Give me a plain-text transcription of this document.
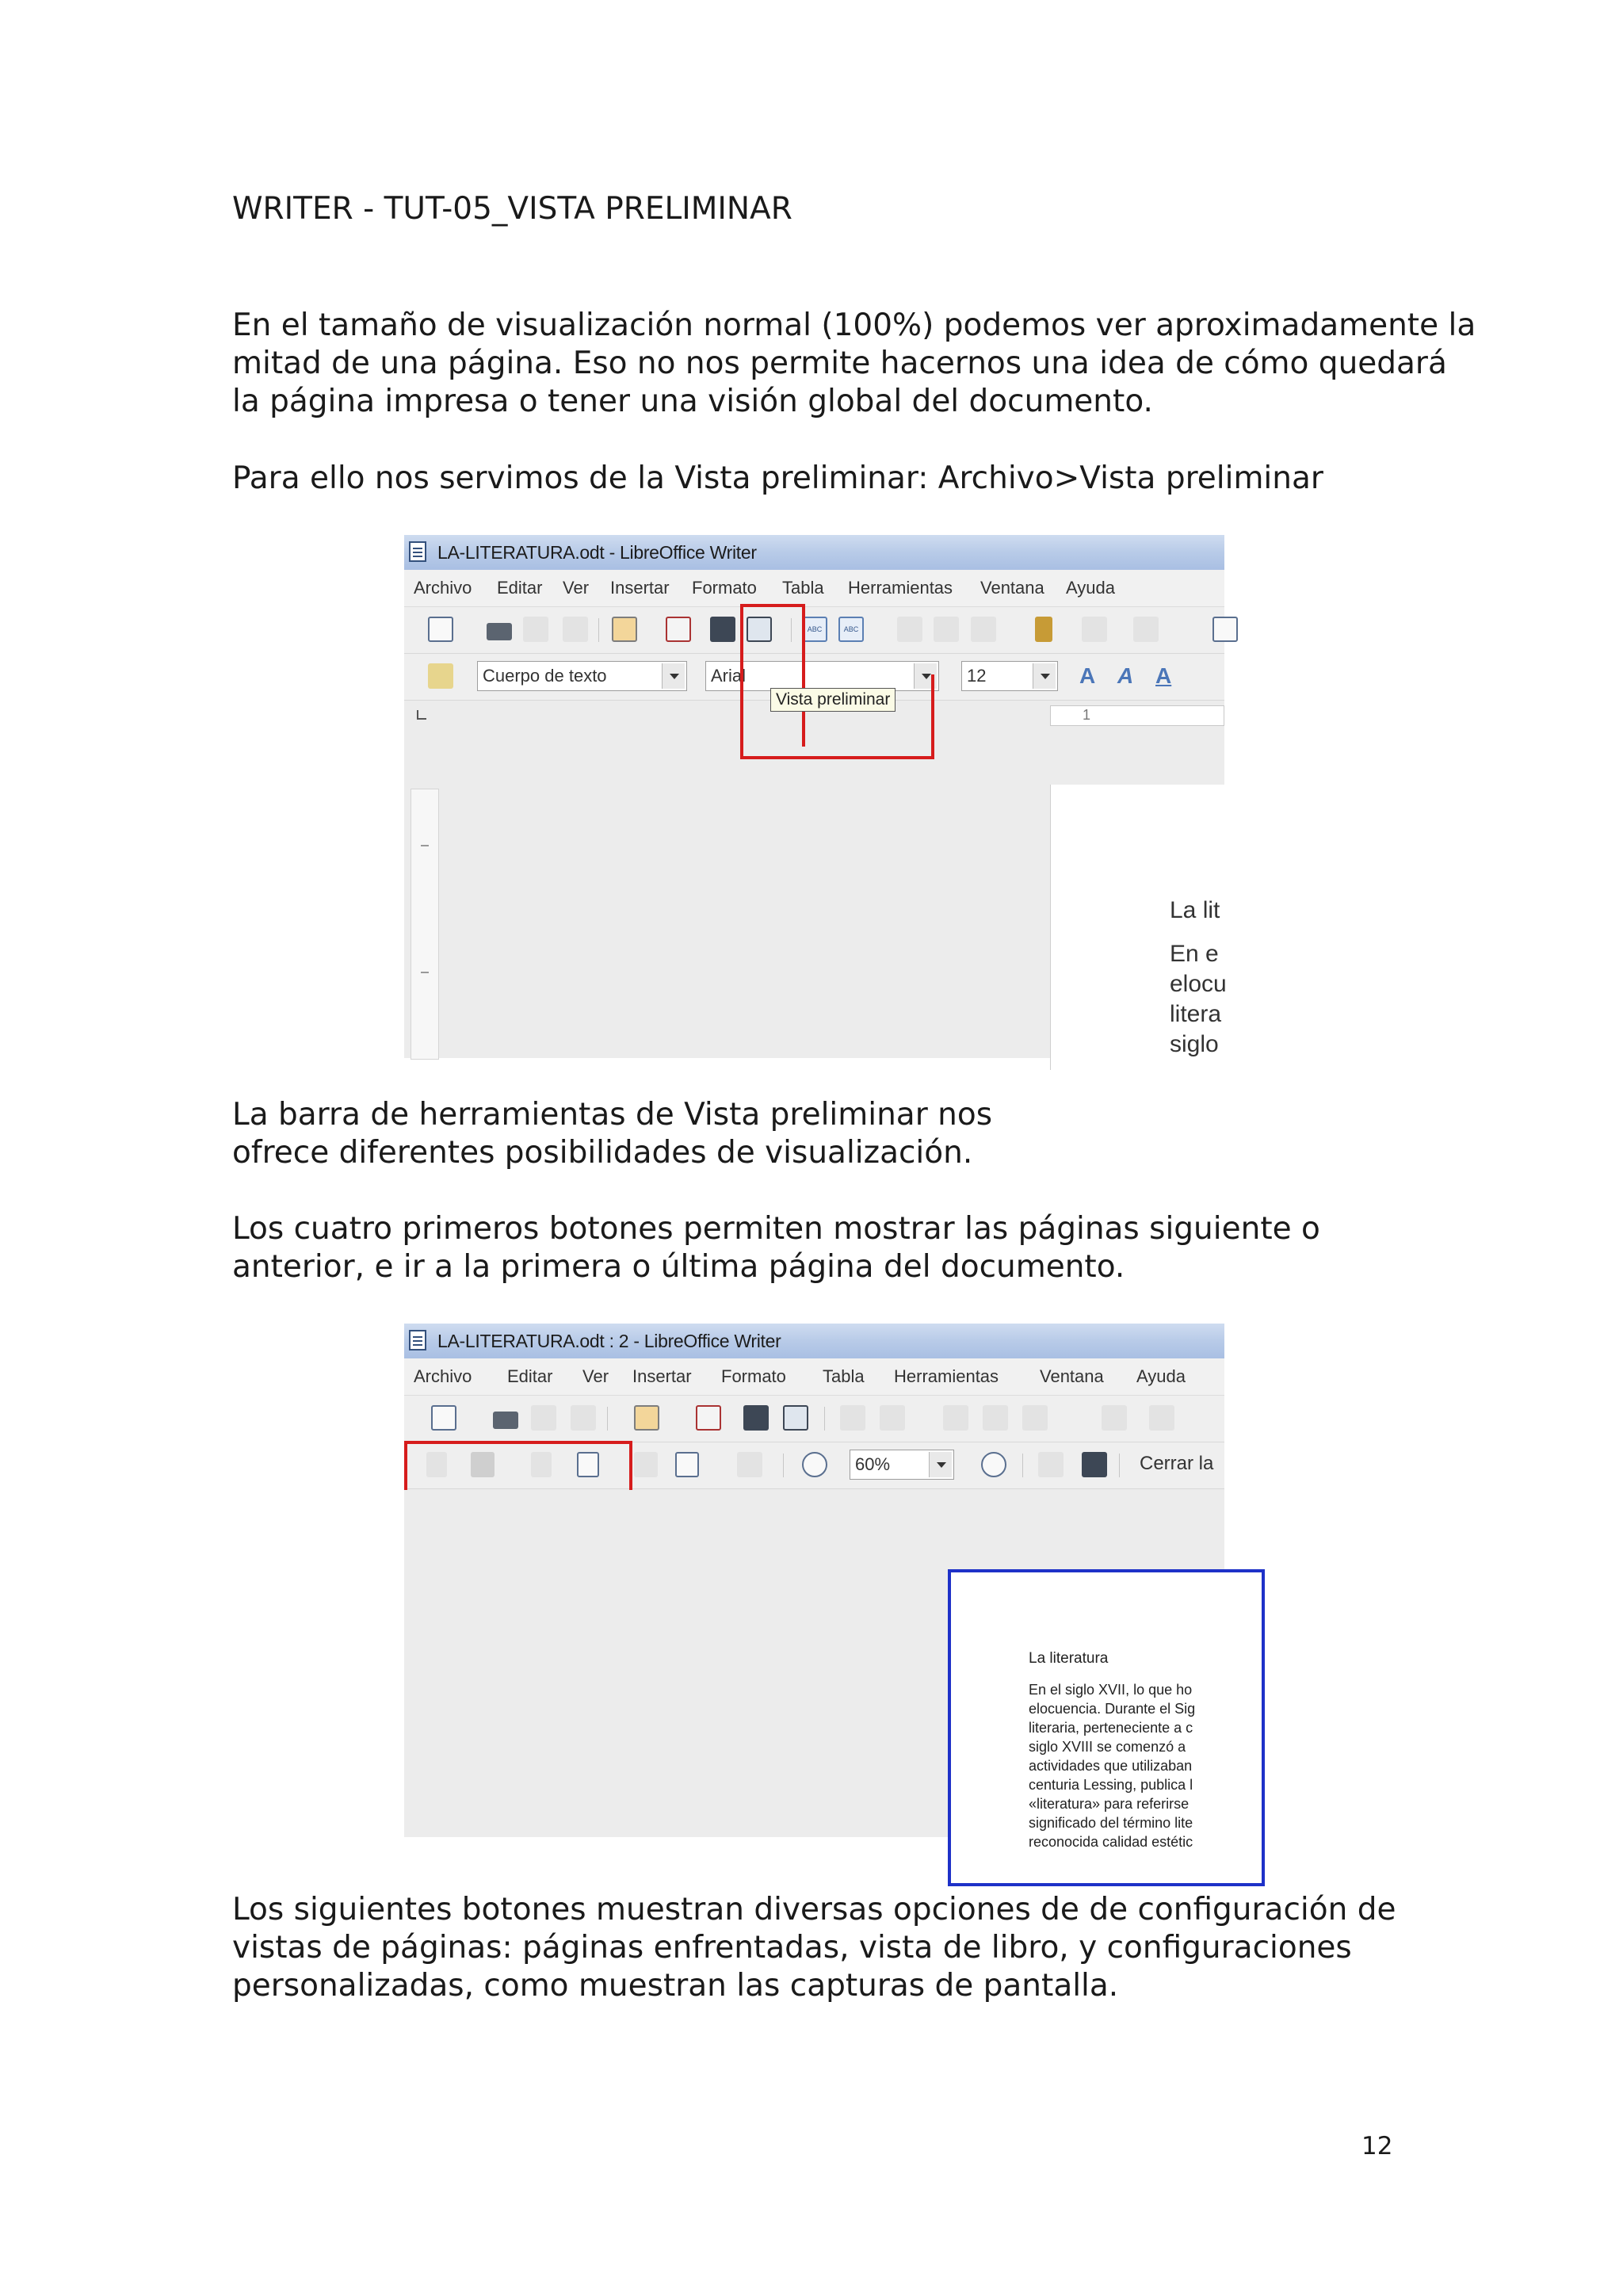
WRITER - TUT-05_VISTA PRELIMINAR
En el tamaño de visualización normal (100%) podemos ver aproximadamente la
mitad de una página. Eso no nos permite hacernos una idea de cómo quedará
la página impresa o tener una visión global del documento.
Para ello nos servimos de la Vista preliminar: Archivo>Vista preliminar
LA-LITERATURA.odt - LibreOffice Writer
Archivo Editar Ver Insertar Formato Tabla Herramientas Ventana Ayuda
ABC	ABC
Cuerpo de texto	Arial	12	A A A
1
La lit
En e
elocu
litera
siglo
Vista preliminar
La barra de herramientas de Vista preliminar nos
ofrece diferentes posibilidades de visualización.
Los cuatro primeros botones permiten mostrar las páginas siguiente o
anterior, e ir a la primera o última página del documento.
LA-LITERATURA.odt : 2 - LibreOffice Writer
Archivo Editar Ver Insertar Formato Tabla Herramientas Ventana Ayuda
60%	Cerrar la
La literatura
En el siglo XVII, lo que ho
elocuencia. Durante el Sig
literaria, perteneciente a c
siglo XVIII se comenzó a
actividades que utilizaban
centuria Lessing, publica l
«literatura» para referirse
significado del término lite
reconocida calidad estétic
Los siguientes botones muestran diversas opciones de de configuración de
vistas de páginas: páginas enfrentadas, vista de libro, y configuraciones
personalizadas, como muestran las capturas de pantalla.
12
